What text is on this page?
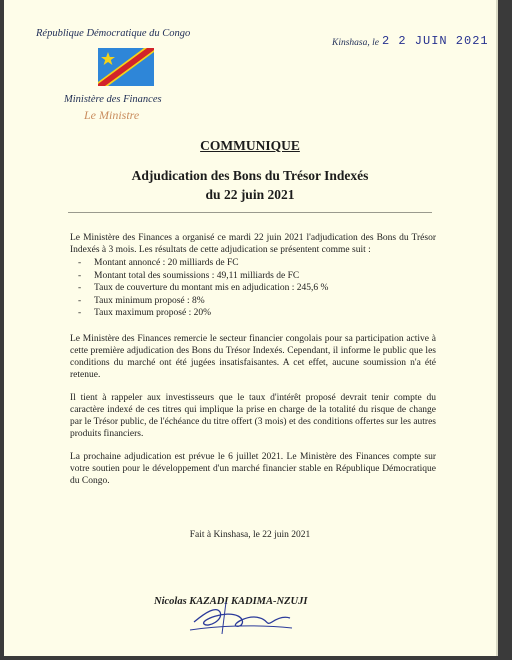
République Démocratique du Congo
Ministère des Finances
Le Ministre
Kinshasa, le 2 2 JUIN 2021
COMMUNIQUE
Adjudication des Bons du Trésor Indexés
du 22 juin 2021

Le Ministère des Finances a organisé ce mardi 22 juin 2021 l'adjudication des Bons du Trésor Indexés à 3 mois. Les résultats de cette adjudication se présentent comme suit :

- Montant annoncé : 20 milliards de FC
- Montant total des soumissions : 49,11 milliards de FC
- Taux de couverture du montant mis en adjudication : 245,6 %
- Taux minimum proposé : 8%
- Taux maximum proposé : 20%

Le Ministère des Finances remercie le secteur financier congolais pour sa participation active à cette première adjudication des Bons du Trésor Indexés. Cependant, il informe le public que les conditions du marché ont été jugées insatisfaisantes. A cet effet, aucune soumission n'a été retenue.

Il tient à rappeler aux investisseurs que le taux d'intérêt proposé devrait tenir compte du caractère indexé de ces titres qui implique la prise en charge de la totalité du risque de change par le Trésor public, de l'échéance du titre offert (3 mois) et des conditions offertes sur les autres produits financiers.

La prochaine adjudication est prévue le 6 juillet 2021. Le Ministère des Finances compte sur votre soutien pour le développement d'un marché financier stable en République Démocratique du Congo.

Fait à Kinshasa, le 22 juin 2021
Nicolas KAZADI KADIMA-NZUJI
